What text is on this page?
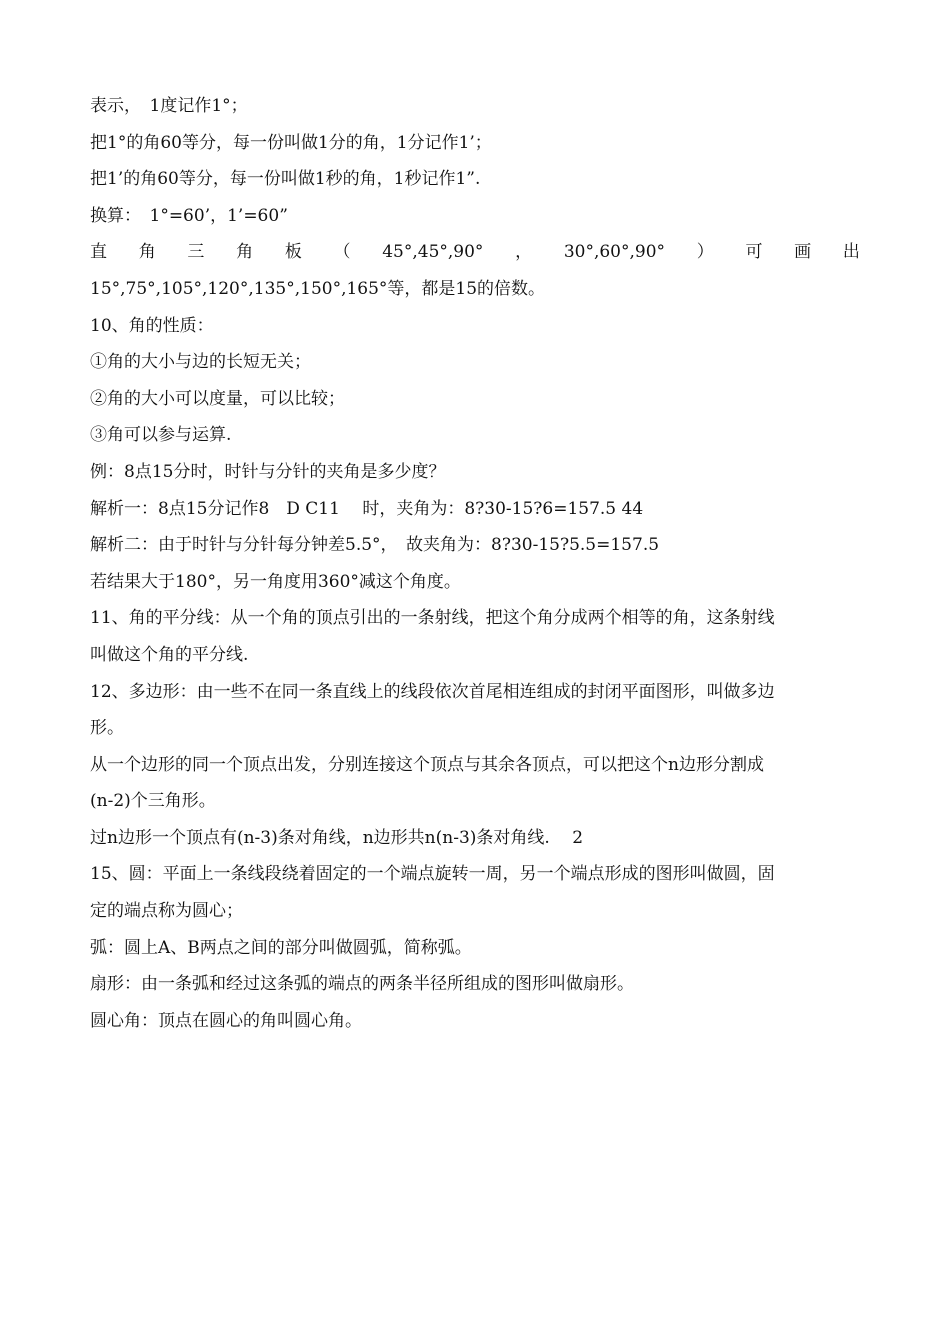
表示，　1度记作1°；
把1°的角60等分，每一份叫做1分的角，1分记作1’；
把1’的角60等分，每一份叫做1秒的角，1秒记作1”.
换算：　1°=60’，1’=60”
直 角 三 角 板 （ 45°,45°,90° ， 30°,60°,90° ） 可 画 出
15°,75°,105°,120°,135°,150°,165°等，都是15的倍数。
10、角的性质：
①角的大小与边的长短无关；
②角的大小可以度量，可以比较；
③角可以参与运算.
例：8点15分时，时针与分针的夹角是多少度？
解析一：8点15分记作8　D C11　 时，夹角为：8?30-15?6=157.5 44
解析二：由于时针与分针每分钟差5.5°，　故夹角为：8?30-15?5.5=157.5
若结果大于180°，另一角度用360°减这个角度。
11、角的平分线：从一个角的顶点引出的一条射线，把这个角分成两个相等的角，这条射线
叫做这个角的平分线.
12、多边形：由一些不在同一条直线上的线段依次首尾相连组成的封闭平面图形，叫做多边
形。
从一个边形的同一个顶点出发，分别连接这个顶点与其余各顶点，可以把这个n边形分割成
(n-2)个三角形。
过n边形一个顶点有(n-3)条对角线，n边形共n(n-3)条对角线.　 2
15、圆：平面上一条线段绕着固定的一个端点旋转一周，另一个端点形成的图形叫做圆，固
定的端点称为圆心；
弧：圆上A、B两点之间的部分叫做圆弧，简称弧。
扇形：由一条弧和经过这条弧的端点的两条半径所组成的图形叫做扇形。
圆心角：顶点在圆心的角叫圆心角。
